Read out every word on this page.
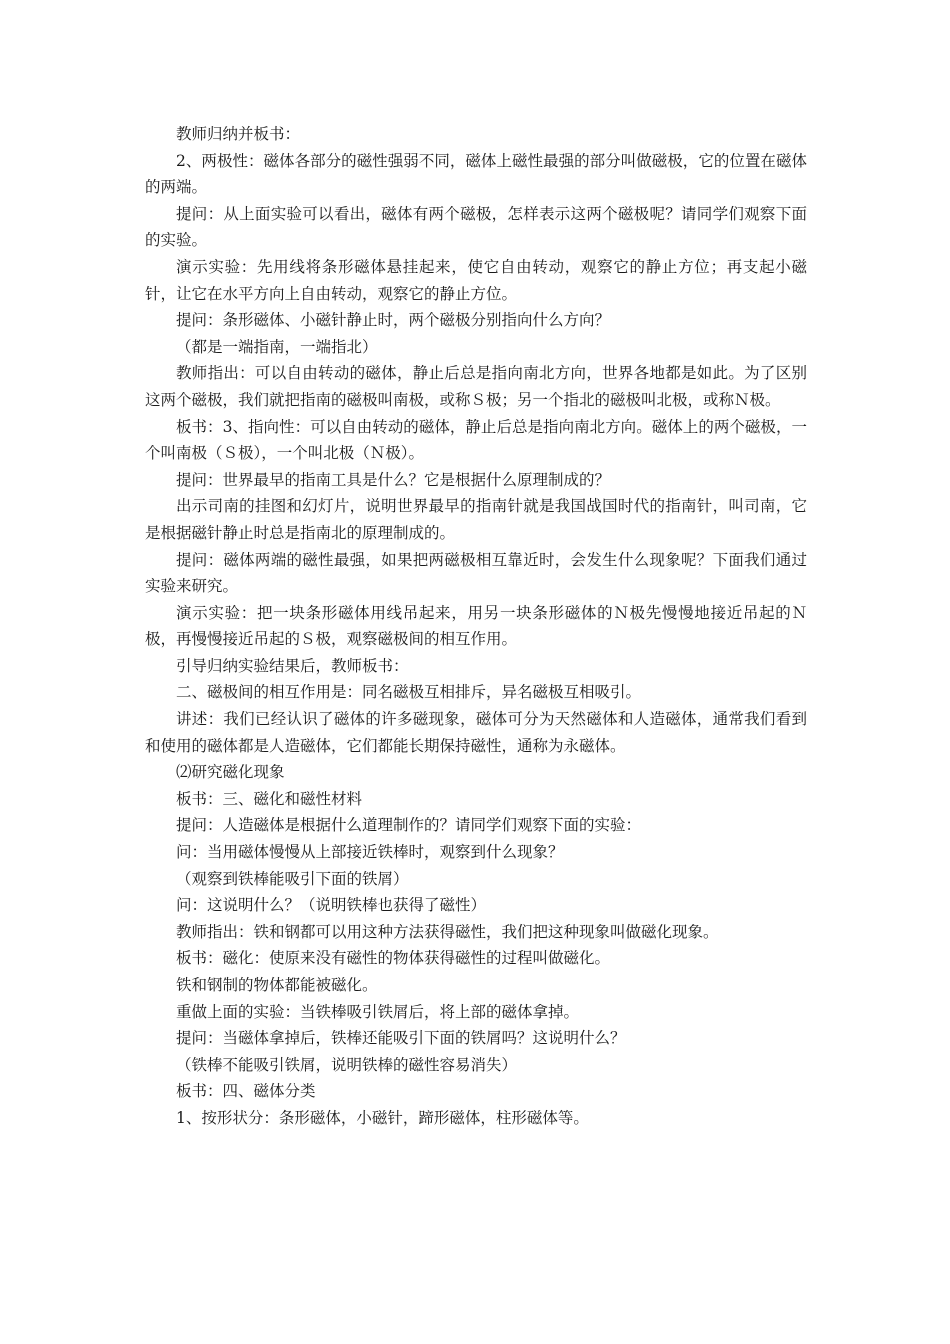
教师归纳并板书：

2、两极性：磁体各部分的磁性强弱不同，磁体上磁性最强的部分叫做磁极，它的位置在磁体的两端。

提问：从上面实验可以看出，磁体有两个磁极，怎样表示这两个磁极呢？请同学们观察下面的实验。

演示实验：先用线将条形磁体悬挂起来，使它自由转动，观察它的静止方位；再支起小磁针，让它在水平方向上自由转动，观察它的静止方位。

提问：条形磁体、小磁针静止时，两个磁极分别指向什么方向？

（都是一端指南，一端指北）

教师指出：可以自由转动的磁体，静止后总是指向南北方向，世界各地都是如此。为了区别这两个磁极，我们就把指南的磁极叫南极，或称Ｓ极；另一个指北的磁极叫北极，或称Ｎ极。

板书：3、指向性：可以自由转动的磁体，静止后总是指向南北方向。磁体上的两个磁极，一个叫南极（Ｓ极），一个叫北极（Ｎ极）。

提问：世界最早的指南工具是什么？它是根据什么原理制成的？

出示司南的挂图和幻灯片，说明世界最早的指南针就是我国战国时代的指南针，叫司南，它是根据磁针静止时总是指南北的原理制成的。

提问：磁体两端的磁性最强，如果把两磁极相互靠近时，会发生什么现象呢？下面我们通过实验来研究。

演示实验：把一块条形磁体用线吊起来，用另一块条形磁体的Ｎ极先慢慢地接近吊起的Ｎ极，再慢慢接近吊起的Ｓ极，观察磁极间的相互作用。

引导归纳实验结果后，教师板书：

二、磁极间的相互作用是：同名磁极互相排斥，异名磁极互相吸引。

讲述：我们已经认识了磁体的许多磁现象，磁体可分为天然磁体和人造磁体，通常我们看到和使用的磁体都是人造磁体，它们都能长期保持磁性，通称为永磁体。

⑵研究磁化现象

板书：三、磁化和磁性材料

提问：人造磁体是根据什么道理制作的？请同学们观察下面的实验：

问：当用磁体慢慢从上部接近铁棒时，观察到什么现象？

（观察到铁棒能吸引下面的铁屑）

问：这说明什么？（说明铁棒也获得了磁性）

教师指出：铁和钢都可以用这种方法获得磁性，我们把这种现象叫做磁化现象。

板书：磁化：使原来没有磁性的物体获得磁性的过程叫做磁化。

铁和钢制的物体都能被磁化。

重做上面的实验：当铁棒吸引铁屑后，将上部的磁体拿掉。

提问：当磁体拿掉后，铁棒还能吸引下面的铁屑吗？这说明什么？

（铁棒不能吸引铁屑，说明铁棒的磁性容易消失）

板书：四、磁体分类

1、按形状分：条形磁体，小磁针，蹄形磁体，柱形磁体等。
